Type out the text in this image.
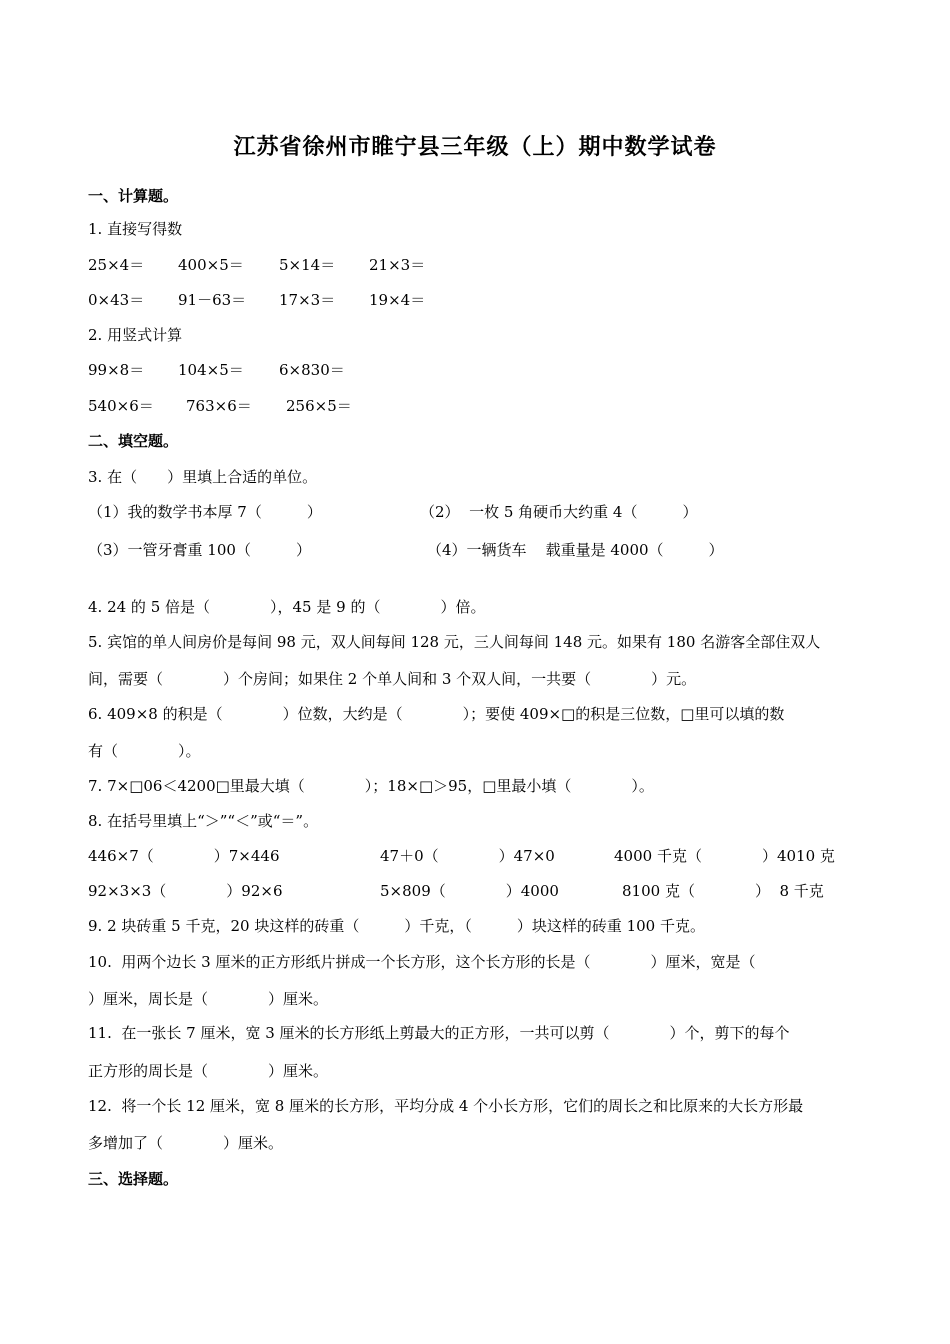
江苏省徐州市睢宁县三年级（上）期中数学试卷
一、计算题。
1. 直接写得数
25×4＝ 400×5＝ 5×14＝ 21×3＝
0×43＝ 91－63＝ 17×3＝ 19×4＝
2. 用竖式计算
99×8＝ 104×5＝ 6×830＝
540×6＝ 763×6＝ 256×5＝
二、填空题。
3. 在（　　）里填上合适的单位。
（1）我的数学书本厚 7（　　　）	（2）  一枚 5 角硬币大约重 4（　　　）
（3）一管牙膏重 100（　　　）	（4）一辆货车    载重量是 4000（　　　）
4. 24 的 5 倍是（　　　　），45 是 9 的（　　　　）倍。
5. 宾馆的单人间房价是每间 98 元，双人间每间 128 元，三人间每间 148 元。如果有 180 名游客全部住双人
间，需要（　　　　）个房间；如果住 2 个单人间和 3 个双人间，一共要（　　　　）元。
6. 409×8 的积是（　　　　）位数，大约是（　　　　）；要使 409×□的积是三位数，□里可以填的数
有（　　　　）。
7. 7×□06＜4200□里最大填（　　　　）；18×□＞95，□里最小填（　　　　）。
8. 在括号里填上“＞”“＜”或“＝”。
446×7（　　　　）7×446	47＋0（　　　　）47×0	4000 千克（　　　　）4010 克
92×3×3（　　　　）92×6	5×809（　　　　）4000	8100 克（　　　　）  8 千克
9. 2 块砖重 5 千克，20 块这样的砖重（　　　）千克，（　　　）块这样的砖重 100 千克。
10.  用两个边长 3 厘米的正方形纸片拼成一个长方形，这个长方形的长是（　　　　）厘米，宽是（
）厘米，周长是（　　　　）厘米。
11.  在一张长 7 厘米，宽 3 厘米的长方形纸上剪最大的正方形，一共可以剪（　　　　）个，剪下的每个
正方形的周长是（　　　　）厘米。
12.  将一个长 12 厘米，宽 8 厘米的长方形，平均分成 4 个小长方形，它们的周长之和比原来的大长方形最
多增加了（　　　　）厘米。
三、选择题。
